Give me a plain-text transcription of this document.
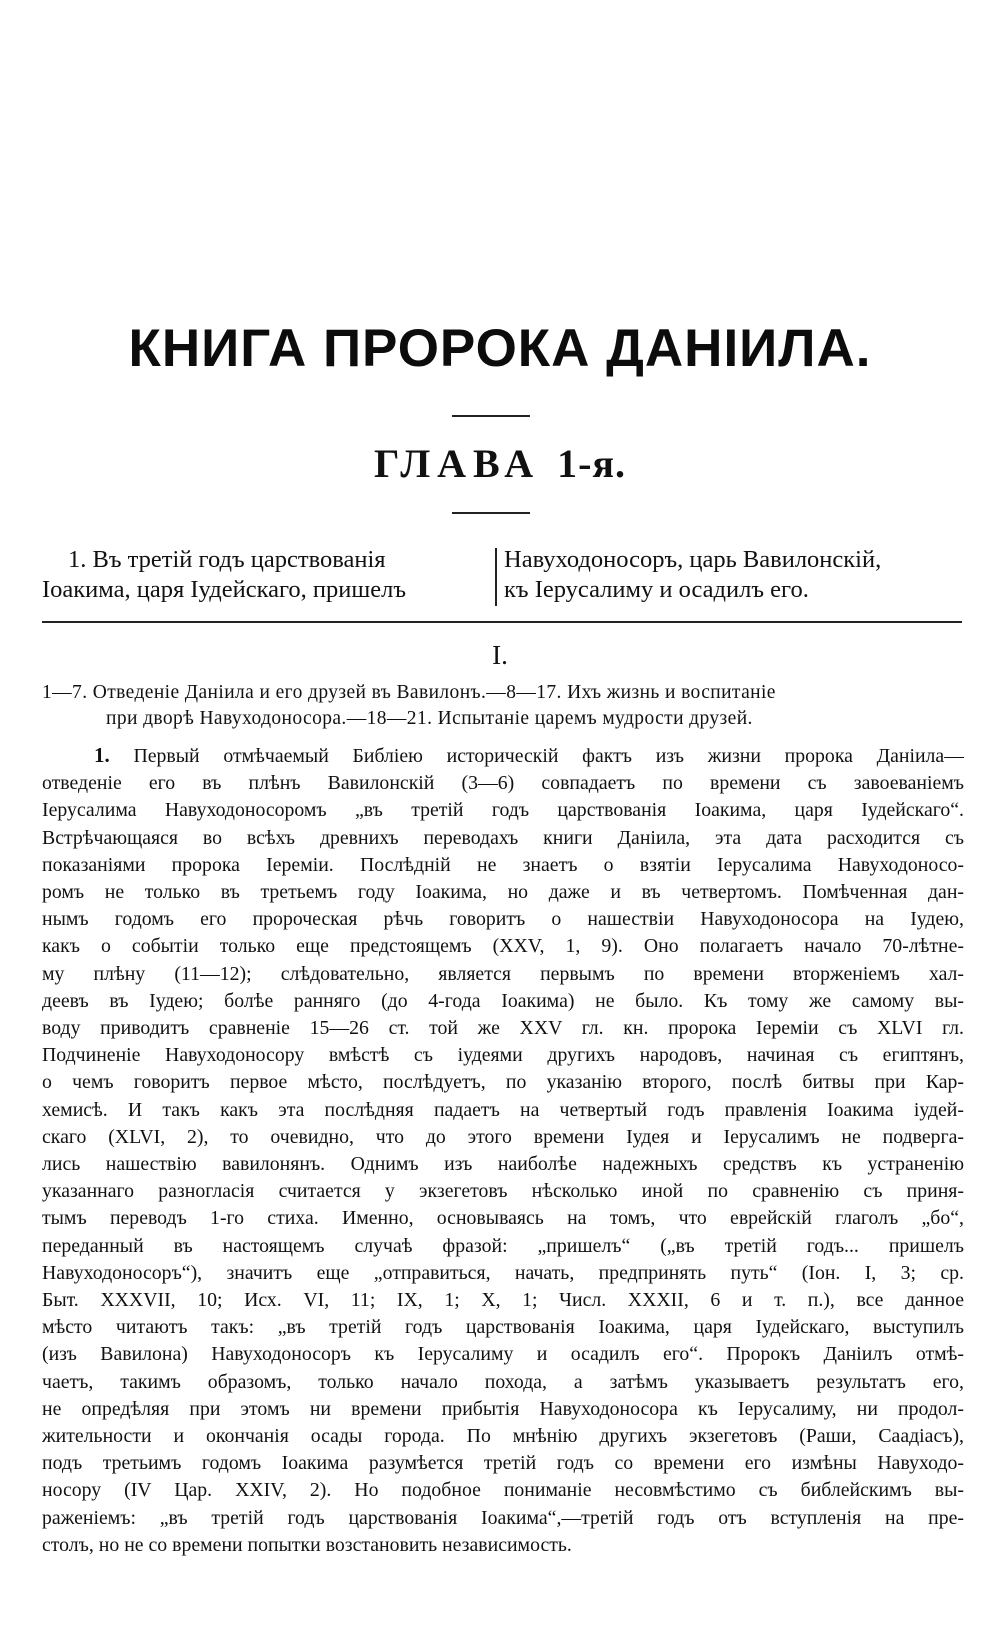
КНИГА ПРОРОКА ДАНІИЛА.
ГЛАВА 1-я.
1. Въ третій годъ царствованія
Іоакима, царя Іудейскаго, пришелъ
Навуходоносоръ, царь Вавилонскій,
къ Іерусалиму и осадилъ его.
I.
1—7. Отведеніе Даніила и его друзей въ Вавилонъ.—8—17. Ихъ жизнь и воспитаніе
при дворѣ Навуходоносора.—18—21. Испытаніе царемъ мудрости друзей.
1. Первый отмѣчаемый Библіею историческій фактъ изъ жизни пророка Даніила—
отведеніе его въ плѣнъ Вавилонскій (3—6) совпадаетъ по времени съ завоеваніемъ
Іерусалима Навуходоносоромъ „въ третій годъ царствованія Іоакима, царя Іудейскаго“.
Встрѣчающаяся во всѣхъ древнихъ переводахъ книги Даніила, эта дата расходится съ
показаніями пророка Іереміи. Послѣдній не знаетъ о взятіи Іерусалима Навуходоносо-
ромъ не только въ третьемъ году Іоакима, но даже и въ четвертомъ. Помѣченная дан-
нымъ годомъ его пророческая рѣчь говоритъ о нашествіи Навуходоносора на Іудею,
какъ о событіи только еще предстоящемъ (XXV, 1, 9). Оно полагаетъ начало 70-лѣтне-
му плѣну (11—12); слѣдовательно, является первымъ по времени вторженіемъ хал-
деевъ въ Іудею; болѣе ранняго (до 4-года Іоакима) не было. Къ тому же самому вы-
воду приводитъ сравненіе 15—26 ст. той же XXV гл. кн. пророка Іереміи съ XLVI гл.
Подчиненіе Навуходоносору вмѣстѣ съ іудеями другихъ народовъ, начиная съ египтянъ,
о чемъ говоритъ первое мѣсто, послѣдуетъ, по указанію второго, послѣ битвы при Кар-
хемисѣ. И такъ какъ эта послѣдняя падаетъ на четвертый годъ правленія Іоакима іудей-
скаго (XLVI, 2), то очевидно, что до этого времени Іудея и Іерусалимъ не подверга-
лись нашествію вавилонянъ. Однимъ изъ наиболѣе надежныхъ средствъ къ устраненію
указаннаго разногласія считается у экзегетовъ нѣсколько иной по сравненію съ приня-
тымъ переводъ 1-го стиха. Именно, основываясь на томъ, что еврейскій глаголъ „бо“,
переданный въ настоящемъ случаѣ фразой: „пришелъ“ („въ третій годъ... пришелъ
Навуходоносоръ“), значитъ еще „отправиться, начать, предпринять путь“ (Іон. I, 3; ср.
Быт. XXXVII, 10; Исх. VI, 11; IX, 1; X, 1; Числ. XXXII, 6 и т. п.), все данное
мѣсто читаютъ такъ: „въ третій годъ царствованія Іоакима, царя Іудейскаго, выступилъ
(изъ Вавилона) Навуходоносоръ къ Іерусалиму и осадилъ его“. Пророкъ Даніилъ отмѣ-
чаетъ, такимъ образомъ, только начало похода, а затѣмъ указываетъ результатъ его,
не опредѣляя при этомъ ни времени прибытія Навуходоносора къ Іерусалиму, ни продол-
жительности и окончанія осады города. По мнѣнію другихъ экзегетовъ (Раши, Саадіасъ),
подъ третьимъ годомъ Іоакима разумѣется третій годъ со времени его измѣны Навуходо-
носору (IV Цар. XXIV, 2). Но подобное пониманіе несовмѣстимо съ библейскимъ вы-
раженіемъ: „въ третій годъ царствованія Іоакима“,—третій годъ отъ вступленія на пре-
столъ, но не со времени попытки возстановить независимость.
